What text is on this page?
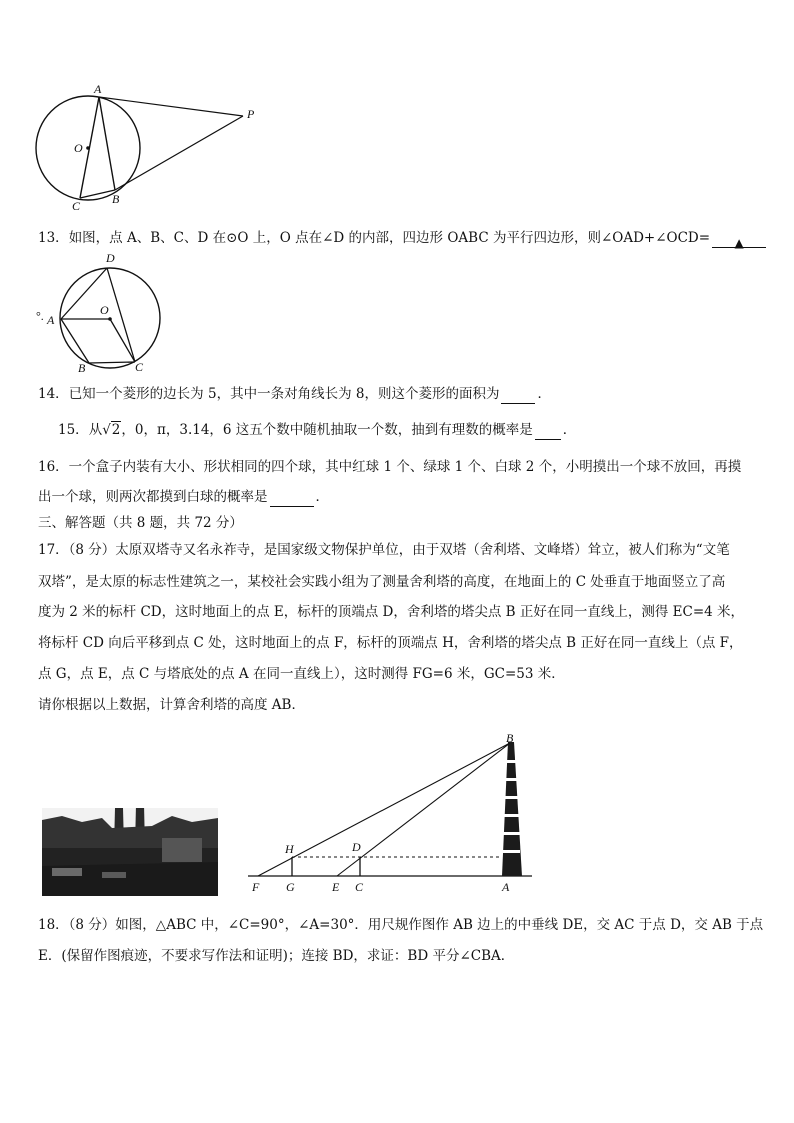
A
O
P
C	B
13．如图，点 A、B、C、D 在⊙O 上，O 点在∠D 的内部，四边形 OABC 为平行四边形，则∠OAD+∠OCD= ▲
D
O
°. A
B	C
14．已知一个菱形的边长为 5，其中一条对角线长为 8，则这个菱形的面积为	．
15．从√2，0，π，3.14，6 这五个数中随机抽取一个数，抽到有理数的概率是 ．
16．一个盒子内装有大小、形状相同的四个球，其中红球 1 个、绿球 1 个、白球 2 个，小明摸出一个球不放回，再摸
出一个球，则两次都摸到白球的概率是	．
三、解答题（共 8 题，共 72 分）
17．（8 分）太原双塔寺又名永祚寺，是国家级文物保护单位，由于双塔（舍利塔、文峰塔）耸立，被人们称为“文笔
双塔”，是太原的标志性建筑之一，某校社会实践小组为了测量舍利塔的高度，在地面上的 C 处垂直于地面竖立了高
度为 2 米的标杆 CD，这时地面上的点 E，标杆的顶端点 D，舍利塔的塔尖点 B 正好在同一直线上，测得 EC=4 米，
将标杆 CD 向后平移到点 C 处，这时地面上的点 F，标杆的顶端点 H，舍利塔的塔尖点 B 正好在同一直线上（点 F，
点 G，点 E，点 C 与塔底处的点 A 在同一直线上），这时测得 FG=6 米，GC=53 米．
请你根据以上数据，计算舍利塔的高度 AB．
B
H	D
F G	E C	A
18．（8 分）如图，△ABC 中，∠C=90°，∠A=30°．用尺规作图作 AB 边上的中垂线 DE，交 AC 于点 D，交 AB 于点
E．(保留作图痕迹，不要求写作法和证明)；连接 BD，求证：BD 平分∠CBA．
